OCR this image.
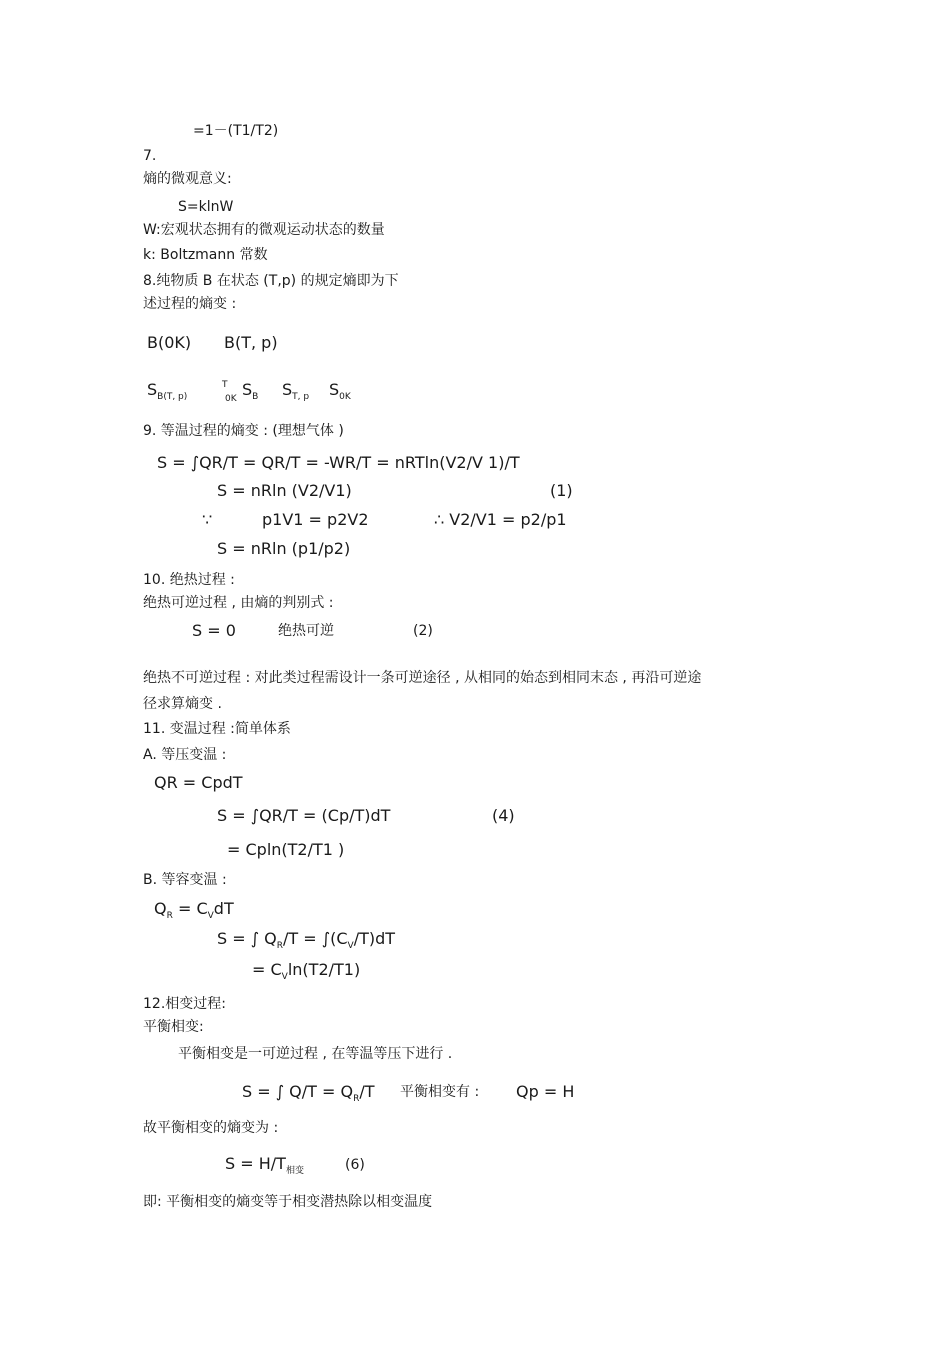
=1－(T1/T2)
7.
熵的微观意义:
S=klnW
W:宏观状态拥有的微观运动状态的数量
k: Boltzmann 常数
8.纯物质 B 在状态 (T,p) 的规定熵即为下
述过程的熵变 :
B(0K) B(T, p)
$S_{B(T, p)}$
T
0K $S_B$ $S_{T, p}$ $S_{0K}$
9. 等温过程的熵变 : (理想气体 )
S = ∫QR/T = QR/T = -WR/T = nRTln(V2/V 1)/T
S = nRln (V2/V1)	(1)
∵	p1V1 = p2V2	∴ V2/V1 = p2/p1
S = nRln (p1/p2)
10. 绝热过程 :
绝热可逆过程 , 由熵的判别式 :
S = 0	绝热可逆	(2)
绝热不可逆过程 : 对此类过程需设计一条可逆途径 , 从相同的始态到相同末态 , 再沿可逆途
径求算熵变 .
11. 变温过程 :简单体系
A. 等压变温 :
QR = CpdT
S = ∫QR/T = (Cp/T)dT	(4)
= Cpln(T2/T1 )
B. 等容变温 :
$Q_R = C_VdT$
S = ∫ $Q_R/T = \int(C_V/T)dT$
= $C_V\ln(T2/T1)$
12.相变过程:
平衡相变:
平衡相变是一可逆过程 , 在等温等压下进行 .
S = ∫ $Q/T = Q_R/T$ 平衡相变有 : Qp = H
故平衡相变的熵变为 :
$S = H/T_{相变}$	(6)
即: 平衡相变的熵变等于相变潜热除以相变温度
